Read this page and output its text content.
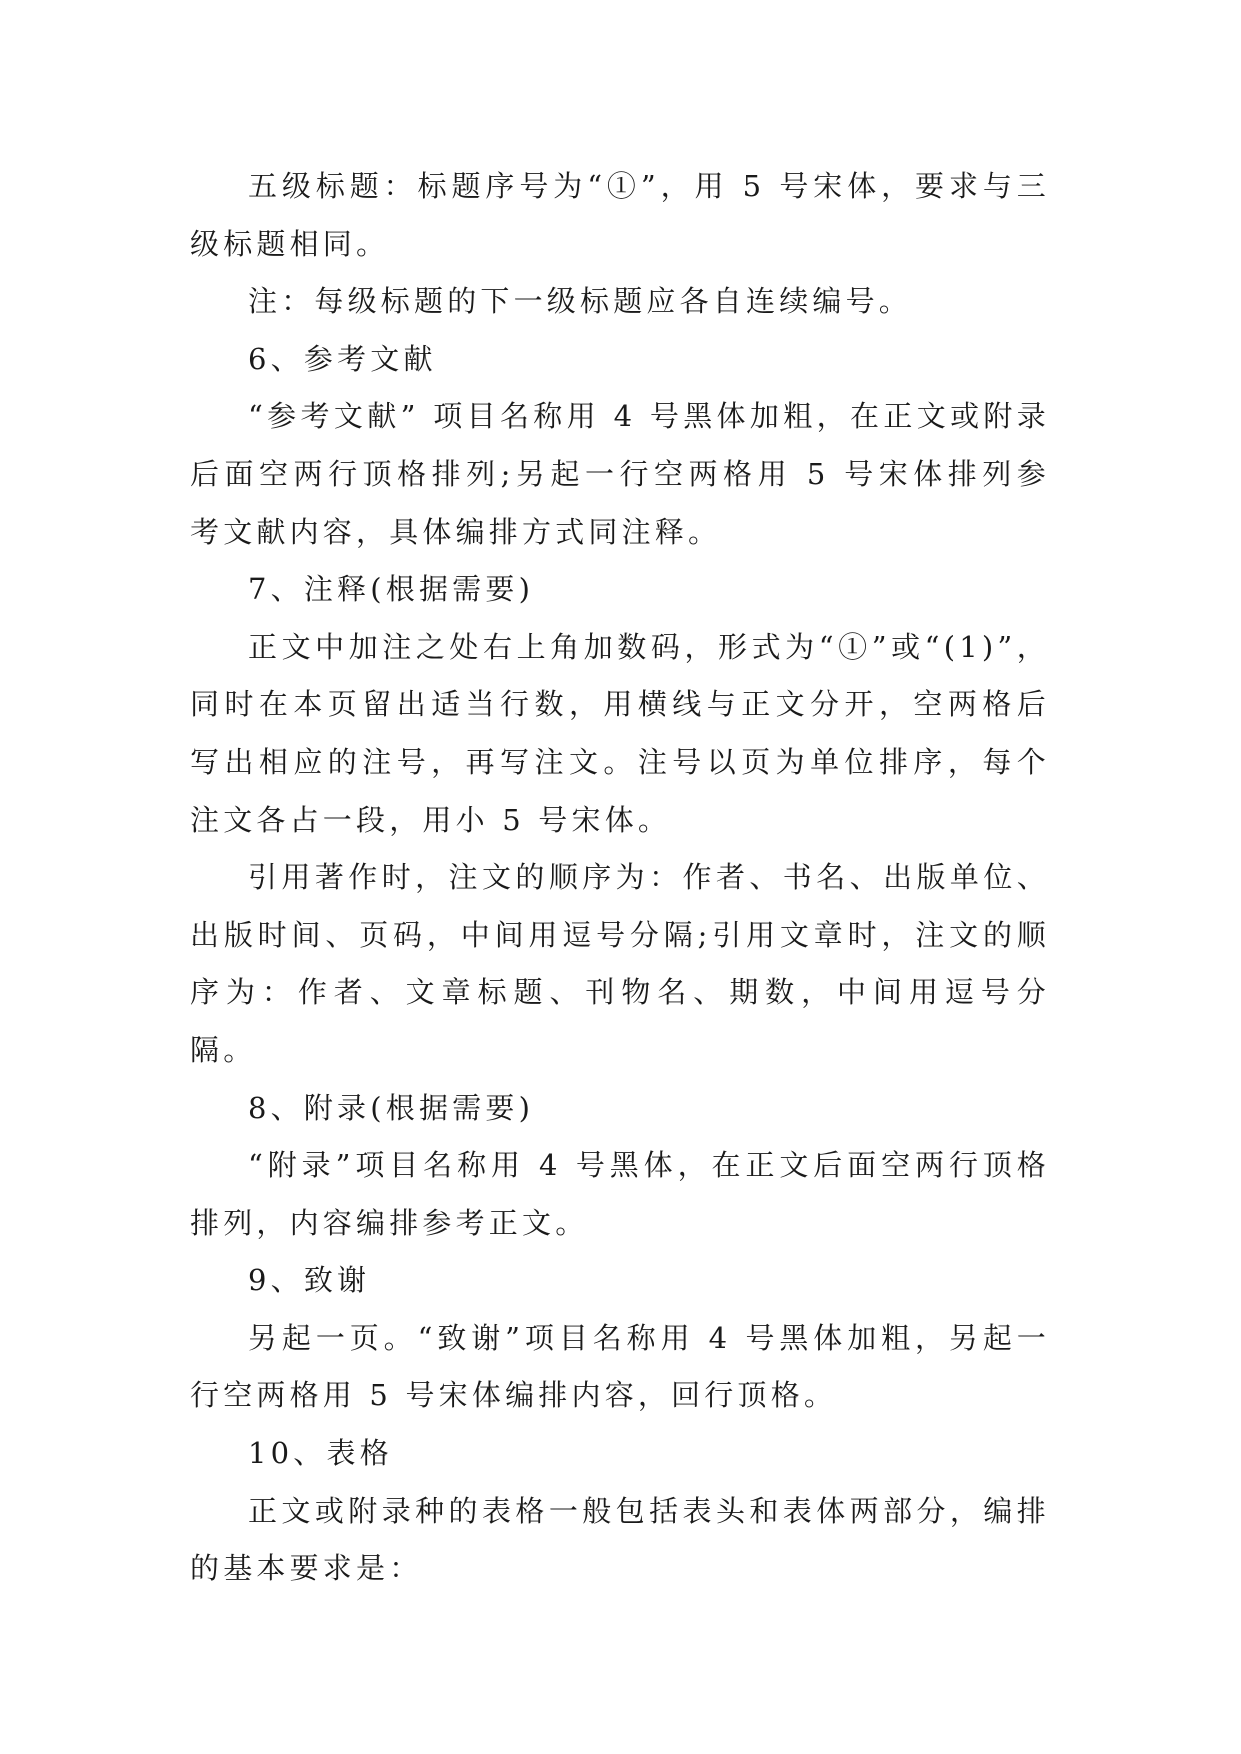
五级标题：标题序号为“①”，用 5 号宋体，要求与三级标题相同。

注：每级标题的下一级标题应各自连续编号。

6、参考文献

“参考文献” 项目名称用 4 号黑体加粗，在正文或附录后面空两行顶格排列;另起一行空两格用 5 号宋体排列参考文献内容，具体编排方式同注释。

7、注释(根据需要)

正文中加注之处右上角加数码，形式为“①”或“(1)”，同时在本页留出适当行数，用横线与正文分开，空两格后写出相应的注号，再写注文。注号以页为单位排序，每个注文各占一段，用小 5 号宋体。

引用著作时，注文的顺序为：作者、书名、出版单位、出版时间、页码，中间用逗号分隔;引用文章时，注文的顺序为：作者、文章标题、刊物名、期数，中间用逗号分隔。

8、附录(根据需要)

“附录”项目名称用 4 号黑体，在正文后面空两行顶格排列，内容编排参考正文。

9、致谢

另起一页。“致谢”项目名称用 4 号黑体加粗，另起一行空两格用 5 号宋体编排内容，回行顶格。

10、表格

正文或附录种的表格一般包括表头和表体两部分，编排的基本要求是：
